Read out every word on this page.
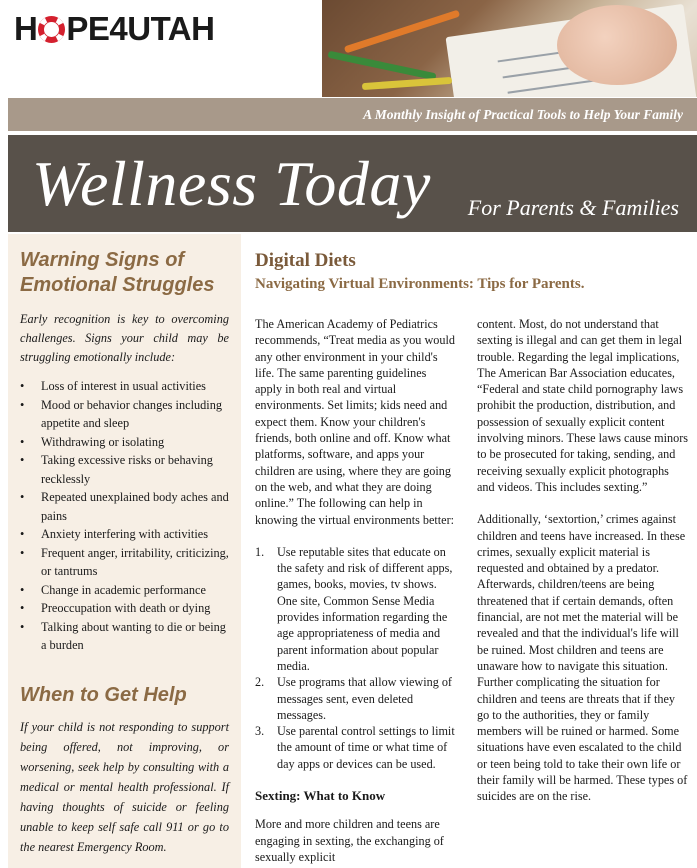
H PE 4 UTAH
A Monthly Insight of Practical Tools to Help Your Family
Wellness Today For Parents & Families
Warning Signs of Emotional Struggles

Early recognition is key to overcoming challenges. Signs your child may be struggling emotionally include:

• Loss of interest in usual activities
• Mood or behavior changes including appetite and sleep
• Withdrawing or isolating
• Taking excessive risks or behaving recklessly
• Repeated unexplained body aches and pains
• Anxiety interfering with activities
• Frequent anger, irritability, criticizing, or tantrums
• Change in academic performance
• Preoccupation with death or dying
• Talking about wanting to die or being a burden
When to Get Help

If your child is not responding to support being offered, not improving, or worsening, seek help by consulting with a medical or mental health professional. If having thoughts of suicide or feeling unable to keep self safe call 911 or go to the nearest Emergency Room.

Digital Diets
Navigating Virtual Environments: Tips for Parents.

The American Academy of Pediatrics recommends, “Treat media as you would any other environment in your child's life. The same parenting guidelines apply in both real and virtual environments. Set limits; kids need and expect them. Know your children's friends, both online and off. Know what platforms, software, and apps your children are using, where they are going on the web, and what they are doing online.” The following can help in knowing the virtual environments better:

1. Use reputable sites that educate on the safety and risk of different apps, games, books, movies, tv shows. One site, Common Sense Media provides information regarding the age appropriateness of media and parent information about popular media.
2. Use programs that allow viewing of messages sent, even deleted messages.
3. Use parental control settings to limit the amount of time or what time of day apps or devices can be used.
Sexting: What to Know

More and more children and teens are engaging in sexting, the exchanging of sexually explicit

content. Most, do not understand that sexting is illegal and can get them in legal trouble. Regarding the legal implications, The American Bar Association educates, “Federal and state child pornography laws prohibit the production, distribution, and possession of sexually explicit content involving minors. These laws cause minors to be prosecuted for taking, sending, and receiving sexually explicit photographs and videos. This includes sexting.”

Additionally, ‘sextortion,’ crimes against children and teens have increased. In these crimes, sexually explicit material is requested and obtained by a predator. Afterwards, children/teens are being threatened that if certain demands, often financial, are not met the material will be revealed and that the individual's life will be ruined. Most children and teens are unaware how to navigate this situation. Further complicating the situation for children and teens are threats that if they go to the authorities, they or family members will be ruined or harmed. Some situations have even escalated to the child or teen being told to take their own life or their family will be harmed. These types of suicides are on the rise.
